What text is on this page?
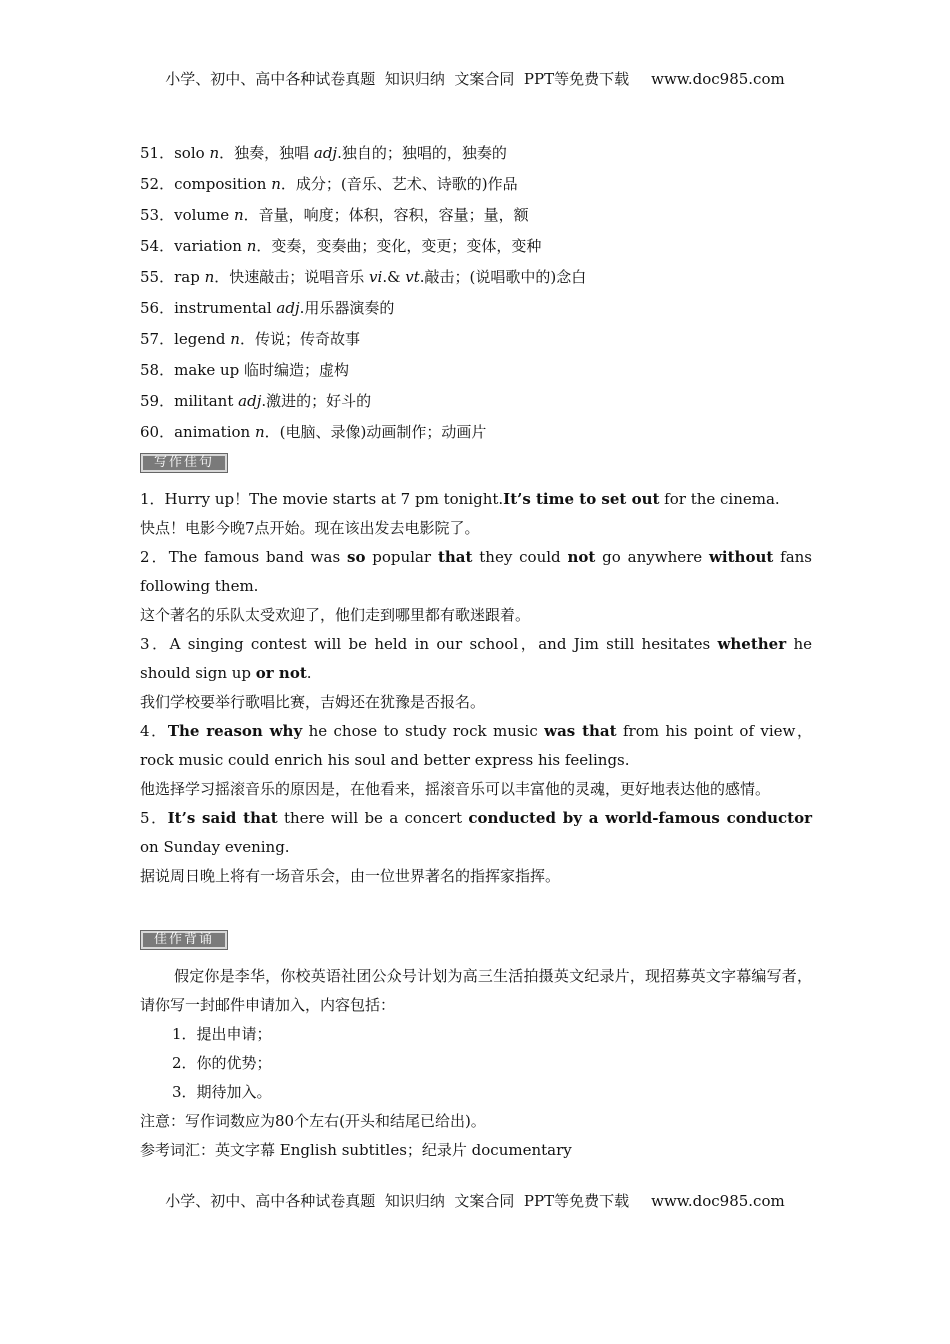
小学、初中、高中各种试卷真题  知识归纳  文案合同  PPT等免费下载 www.doc985.com
51．solo n．独奏，独唱 adj.独自的；独唱的，独奏的
52．composition n．成分；(音乐、艺术、诗歌的)作品
53．volume n．音量，响度；体积，容积，容量；量，额
54．variation n．变奏，变奏曲；变化，变更；变体，变种
55．rap n．快速敲击；说唱音乐 vi.& vt.敲击；(说唱歌中的)念白
56．instrumental adj.用乐器演奏的
57．legend n．传说；传奇故事
58．make up 临时编造；虚构
59．militant adj.激进的；好斗的
60．animation n．(电脑、录像)动画制作；动画片
写作佳句

1．Hurry up！The movie starts at 7 pm tonight.It’s time to set out for the cinema.

快点！电影今晚7点开始。现在该出发去电影院了。

2．The famous band was so popular that they could not go anywhere without fans following them.

这个著名的乐队太受欢迎了，他们走到哪里都有歌迷跟着。

3．A singing contest will be held in our school，and Jim still hesitates whether he should sign up or not.

我们学校要举行歌唱比赛，吉姆还在犹豫是否报名。

4．The reason why he chose to study rock music was that from his point of view，rock music could enrich his soul and better express his feelings.

他选择学习摇滚音乐的原因是，在他看来，摇滚音乐可以丰富他的灵魂，更好地表达他的感情。

5．It’s said that there will be a concert conducted by a world-famous conductor on Sunday evening.

据说周日晚上将有一场音乐会，由一位世界著名的指挥家指挥。

佳作背诵

假定你是李华，你校英语社团公众号计划为高三生活拍摄英文纪录片，现招募英文字幕编写者，请你写一封邮件申请加入，内容包括：

1．提出申请；

2．你的优势；

3．期待加入。

注意：写作词数应为80个左右(开头和结尾已给出)。

参考词汇：英文字幕 English subtitles；纪录片 documentary

小学、初中、高中各种试卷真题  知识归纳  文案合同  PPT等免费下载 www.doc985.com
